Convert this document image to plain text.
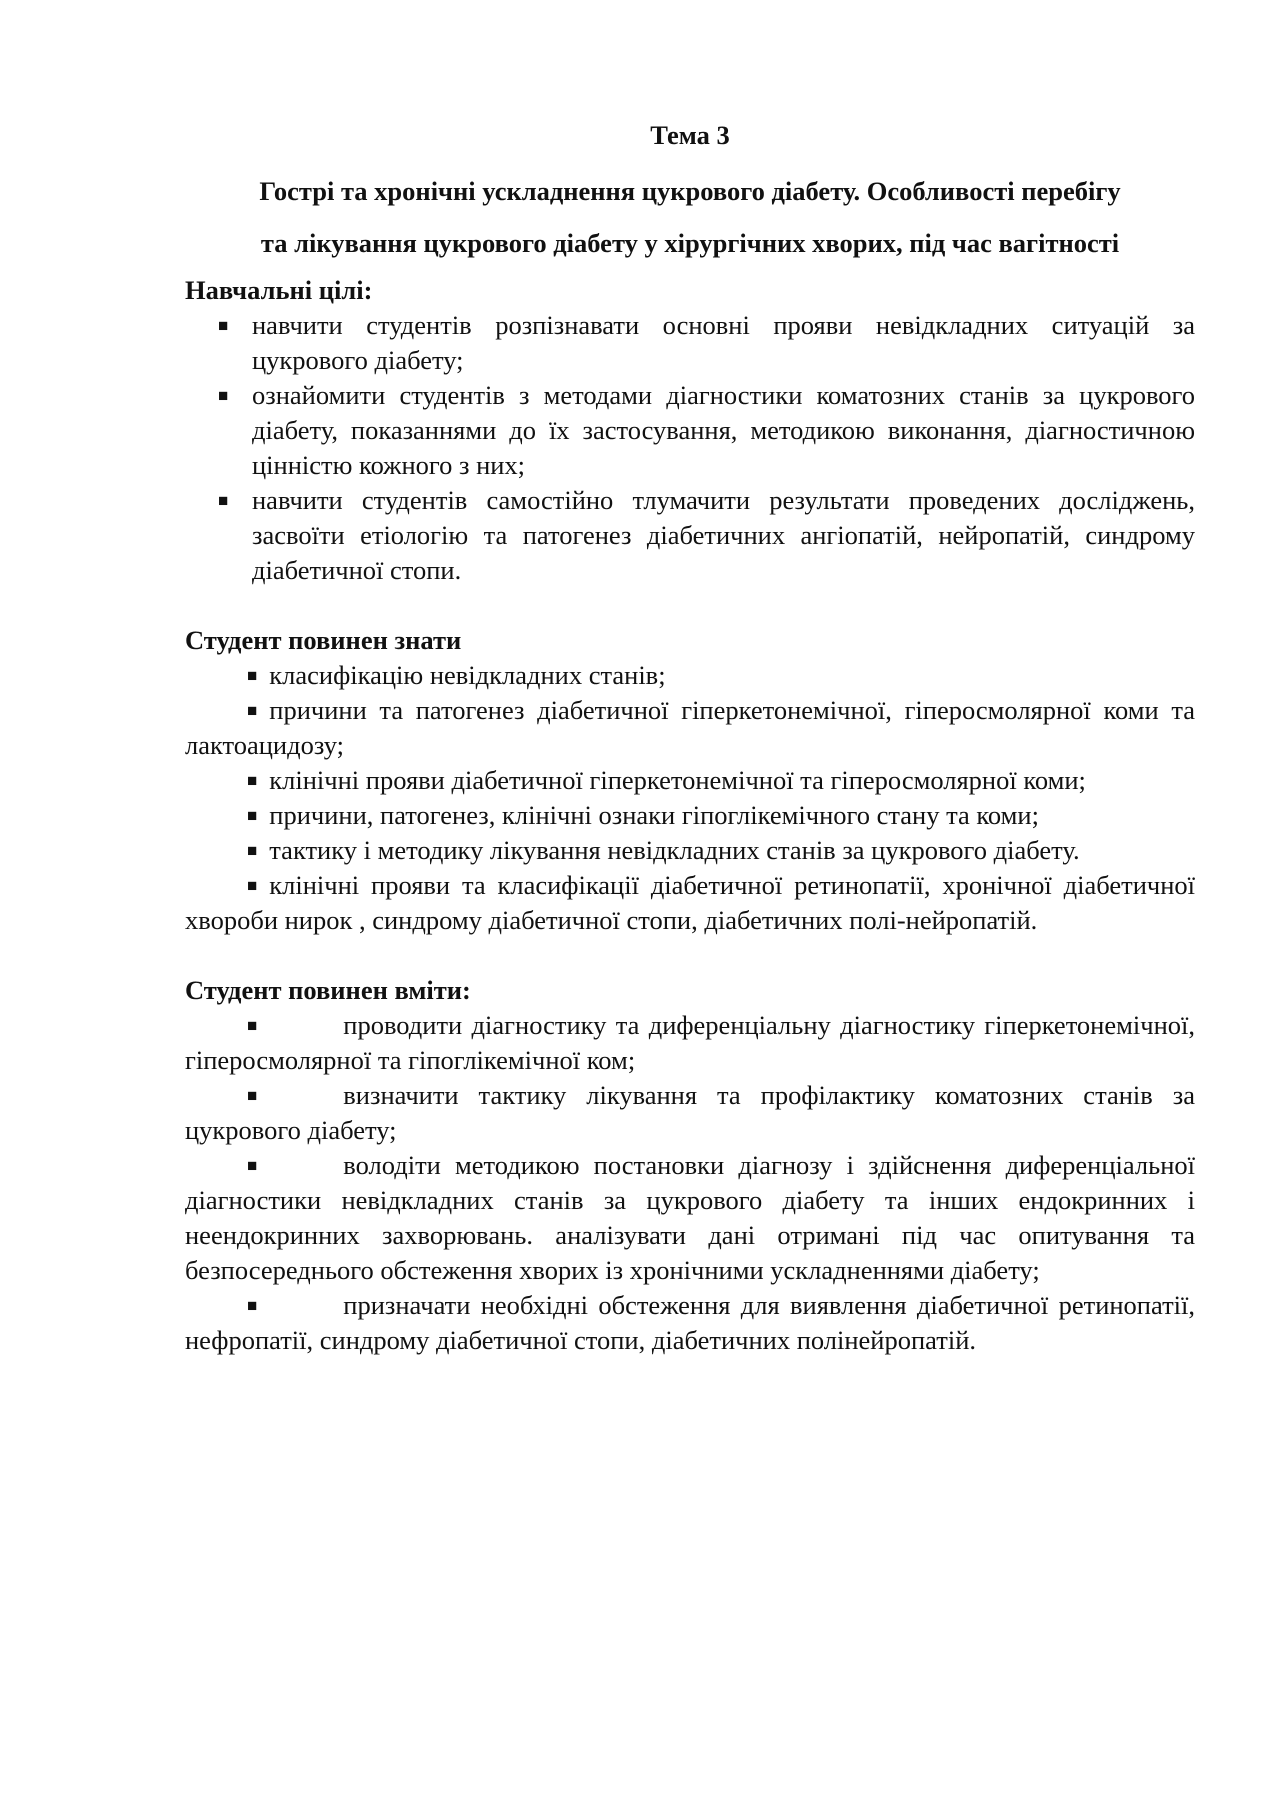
Тема 3

Гострі та хронічні ускладнення цукрового діабету. Особливості перебігу
та лікування цукрового діабету у хірургічних хворих, під час вагітності

Навчальні цілі:

■ навчити студентів розпізнавати основні прояви невідкладних ситуацій за цукрового діабету;
■ ознайомити студентів з методами діагностики коматозних станів за цукрового діабету, показаннями до їх застосування, методикою виконання, діагностичною цінністю кожного з них;
■ навчити студентів самостійно тлумачити результати проведених досліджень, засвоїти етіологію та патогенез діабетичних ангіопатій, нейропатій, синдрому діабетичної стопи.

Студент повинен знати

■ класифікацію невідкладних станів;

■ причини та патогенез діабетичної гіперкетонемічної, гіперосмолярної коми та лактоацидозу;

■ клінічні прояви діабетичної гіперкетонемічної та гіперосмолярної коми;

■ причини, патогенез, клінічні ознаки гіпоглікемічного стану та коми;

■ тактику і методику лікування невідкладних станів за цукрового діабету.

■ клінічні прояви та класифікації діабетичної ретинопатії, хронічної діабетичної хвороби нирок , синдрому діабетичної стопи, діабетичних полі-нейропатій.

Студент повинен вміти:

■	проводити діагностику та диференціальну діагностику гіперкетонемічної, гіперосмолярної та гіпоглікемічної ком;

■	визначити тактику лікування та профілактику коматозних станів за цукрового діабету;

■	володіти методикою постановки діагнозу і здійснення диференціальної діагностики невідкладних станів за цукрового діабету та інших ендокринних і неендокринних захворювань. аналізувати дані отримані під час опитування та безпосереднього обстеження хворих із хронічними ускладненнями діабету;

■	призначати необхідні обстеження для виявлення діабетичної ретинопатії, нефропатії, синдрому діабетичної стопи, діабетичних полінейропатій.
